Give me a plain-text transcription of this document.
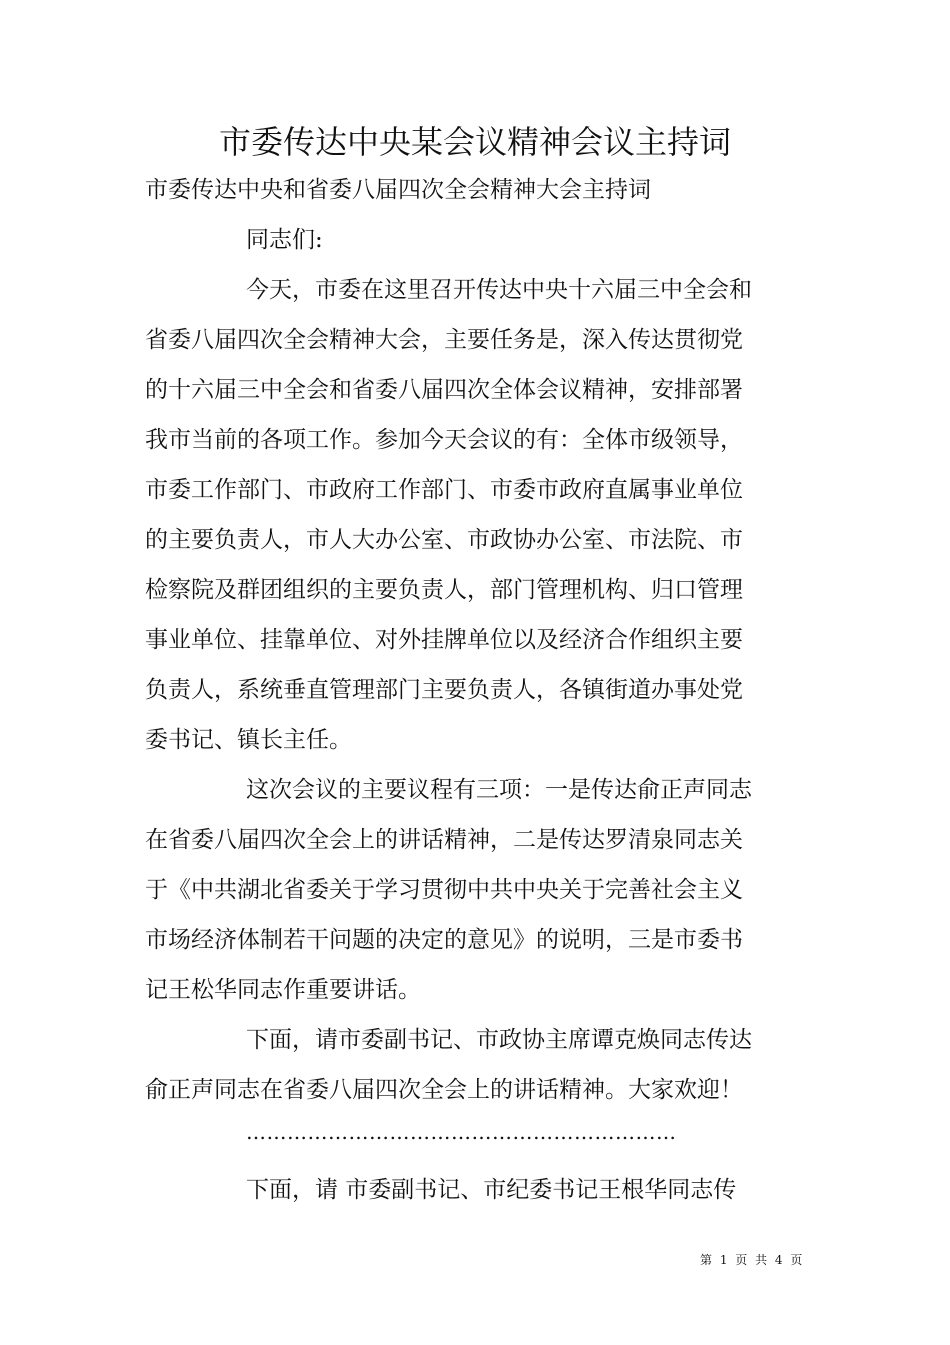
市委传达中央某会议精神会议主持词
市委传达中央和省委八届四次全会精神大会主持词
同志们:
今天，市委在这里召开传达中央十六届三中全会和
省委八届四次全会精神大会，主要任务是，深入传达贯彻党
的十六届三中全会和省委八届四次全体会议精神，安排部署
我市当前的各项工作。参加今天会议的有：全体市级领导，
市委工作部门、市政府工作部门、市委市政府直属事业单位
的主要负责人，市人大办公室、市政协办公室、市法院、市
检察院及群团组织的主要负责人，部门管理机构、归口管理
事业单位、挂靠单位、对外挂牌单位以及经济合作组织主要
负责人，系统垂直管理部门主要负责人，各镇街道办事处党
委书记、镇长主任。
这次会议的主要议程有三项：一是传达俞正声同志
在省委八届四次全会上的讲话精神，二是传达罗清泉同志关
于《中共湖北省委关于学习贯彻中共中央关于完善社会主义
市场经济体制若干问题的决定的意见》的说明，三是市委书
记王松华同志作重要讲话。
下面，请市委副书记、市政协主席谭克焕同志传达
俞正声同志在省委八届四次全会上的讲话精神。大家欢迎！
………………………………………………………
下面，请 市委副书记、市纪委书记王根华同志传
第 1 页 共 4 页
